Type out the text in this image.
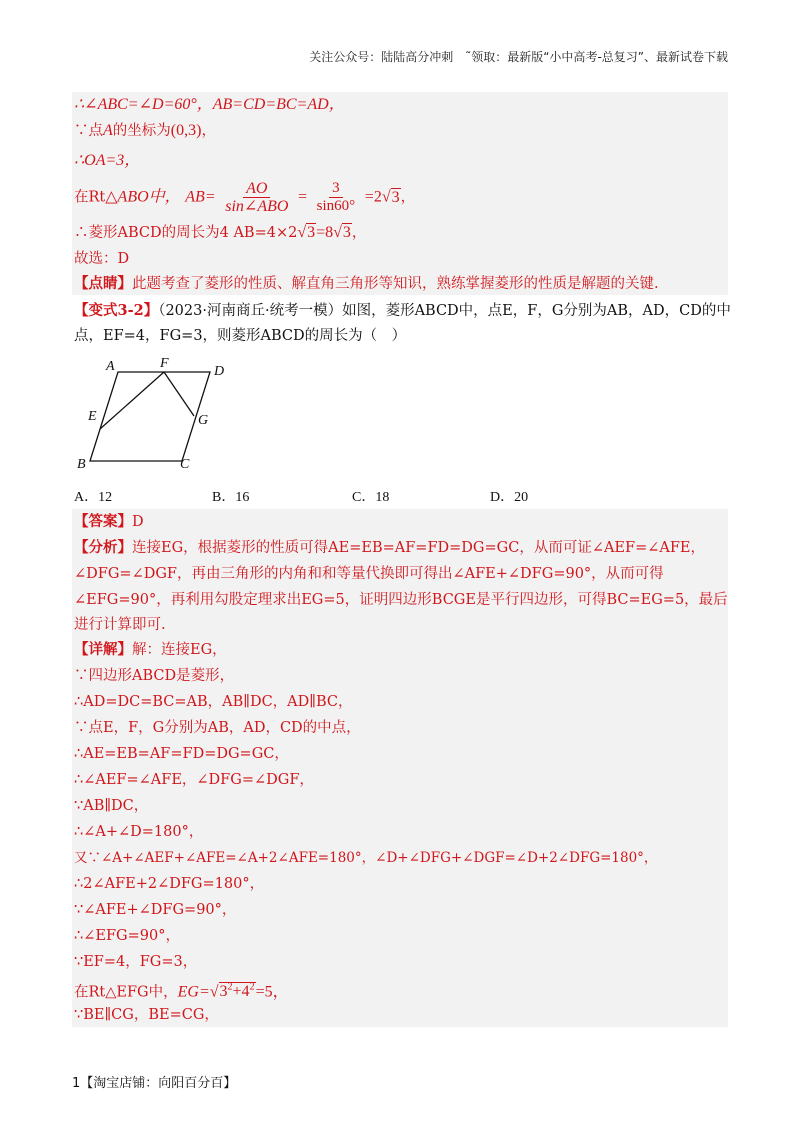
关注公众号：陆陆高分冲刺　˜领取：最新版“小中高考-总复习”、最新试卷下载
∴∠ABC=∠D=60°，AB=CD=BC=AD，
∵点A的坐标为(0,3)，
∴OA=3，
在Rt△ABO中， $AB= \frac{AO}{\text{sin∠ABO}} = \frac{3}{\sin 60^\circ} =2√3$，
∴菱形ABCD的周长为4 AB=4×2√3=8√3，
故选：D
【点睛】此题考查了菱形的性质、解直角三角形等知识，熟练掌握菱形的性质是解题的关键.
【变式3-2】（2023·河南商丘·统考一模）如图，菱形ABCD中，点E，F，G分别为AB，AD，CD的中
点，EF=4，FG=3，则菱形ABCD的周长为（　）
A	D
F
E	G
B	C
A．12	B．16	C．18	D．20
【答案】D
【分析】连接EG，根据菱形的性质可得AE=EB=AF=FD=DG=GC，从而可证∠AEF=∠AFE，
∠DFG=∠DGF，再由三角形的内角和和等量代换即可得出∠AFE+∠DFG=90°，从而可得
∠EFG=90°，再利用勾股定理求出EG=5，证明四边形BCGE是平行四边形，可得BC=EG=5，最后
进行计算即可.
【详解】解：连接EG，
∵四边形ABCD是菱形，
∴AD=DC=BC=AB，AB∥DC，AD∥BC，
∵点E，F，G分别为AB，AD，CD的中点，
∴AE=EB=AF=FD=DG=GC，
∴∠AEF=∠AFE，∠DFG=∠DGF，
∵AB∥DC，
∴∠A+∠D=180°，
又∵∠A+∠AEF+∠AFE=∠A+2∠AFE=180°，∠D+∠DFG+∠DGF=∠D+2∠DFG=180°，
∴2∠AFE+2∠DFG=180°，
∵∠AFE+∠DFG=90°，
∴∠EFG=90°，
∵EF=4，FG=3，
在Rt△EFG中，$EG=√3^2+4^2=5$，
∵BE∥CG，BE=CG，
1【淘宝店铺：向阳百分百】
